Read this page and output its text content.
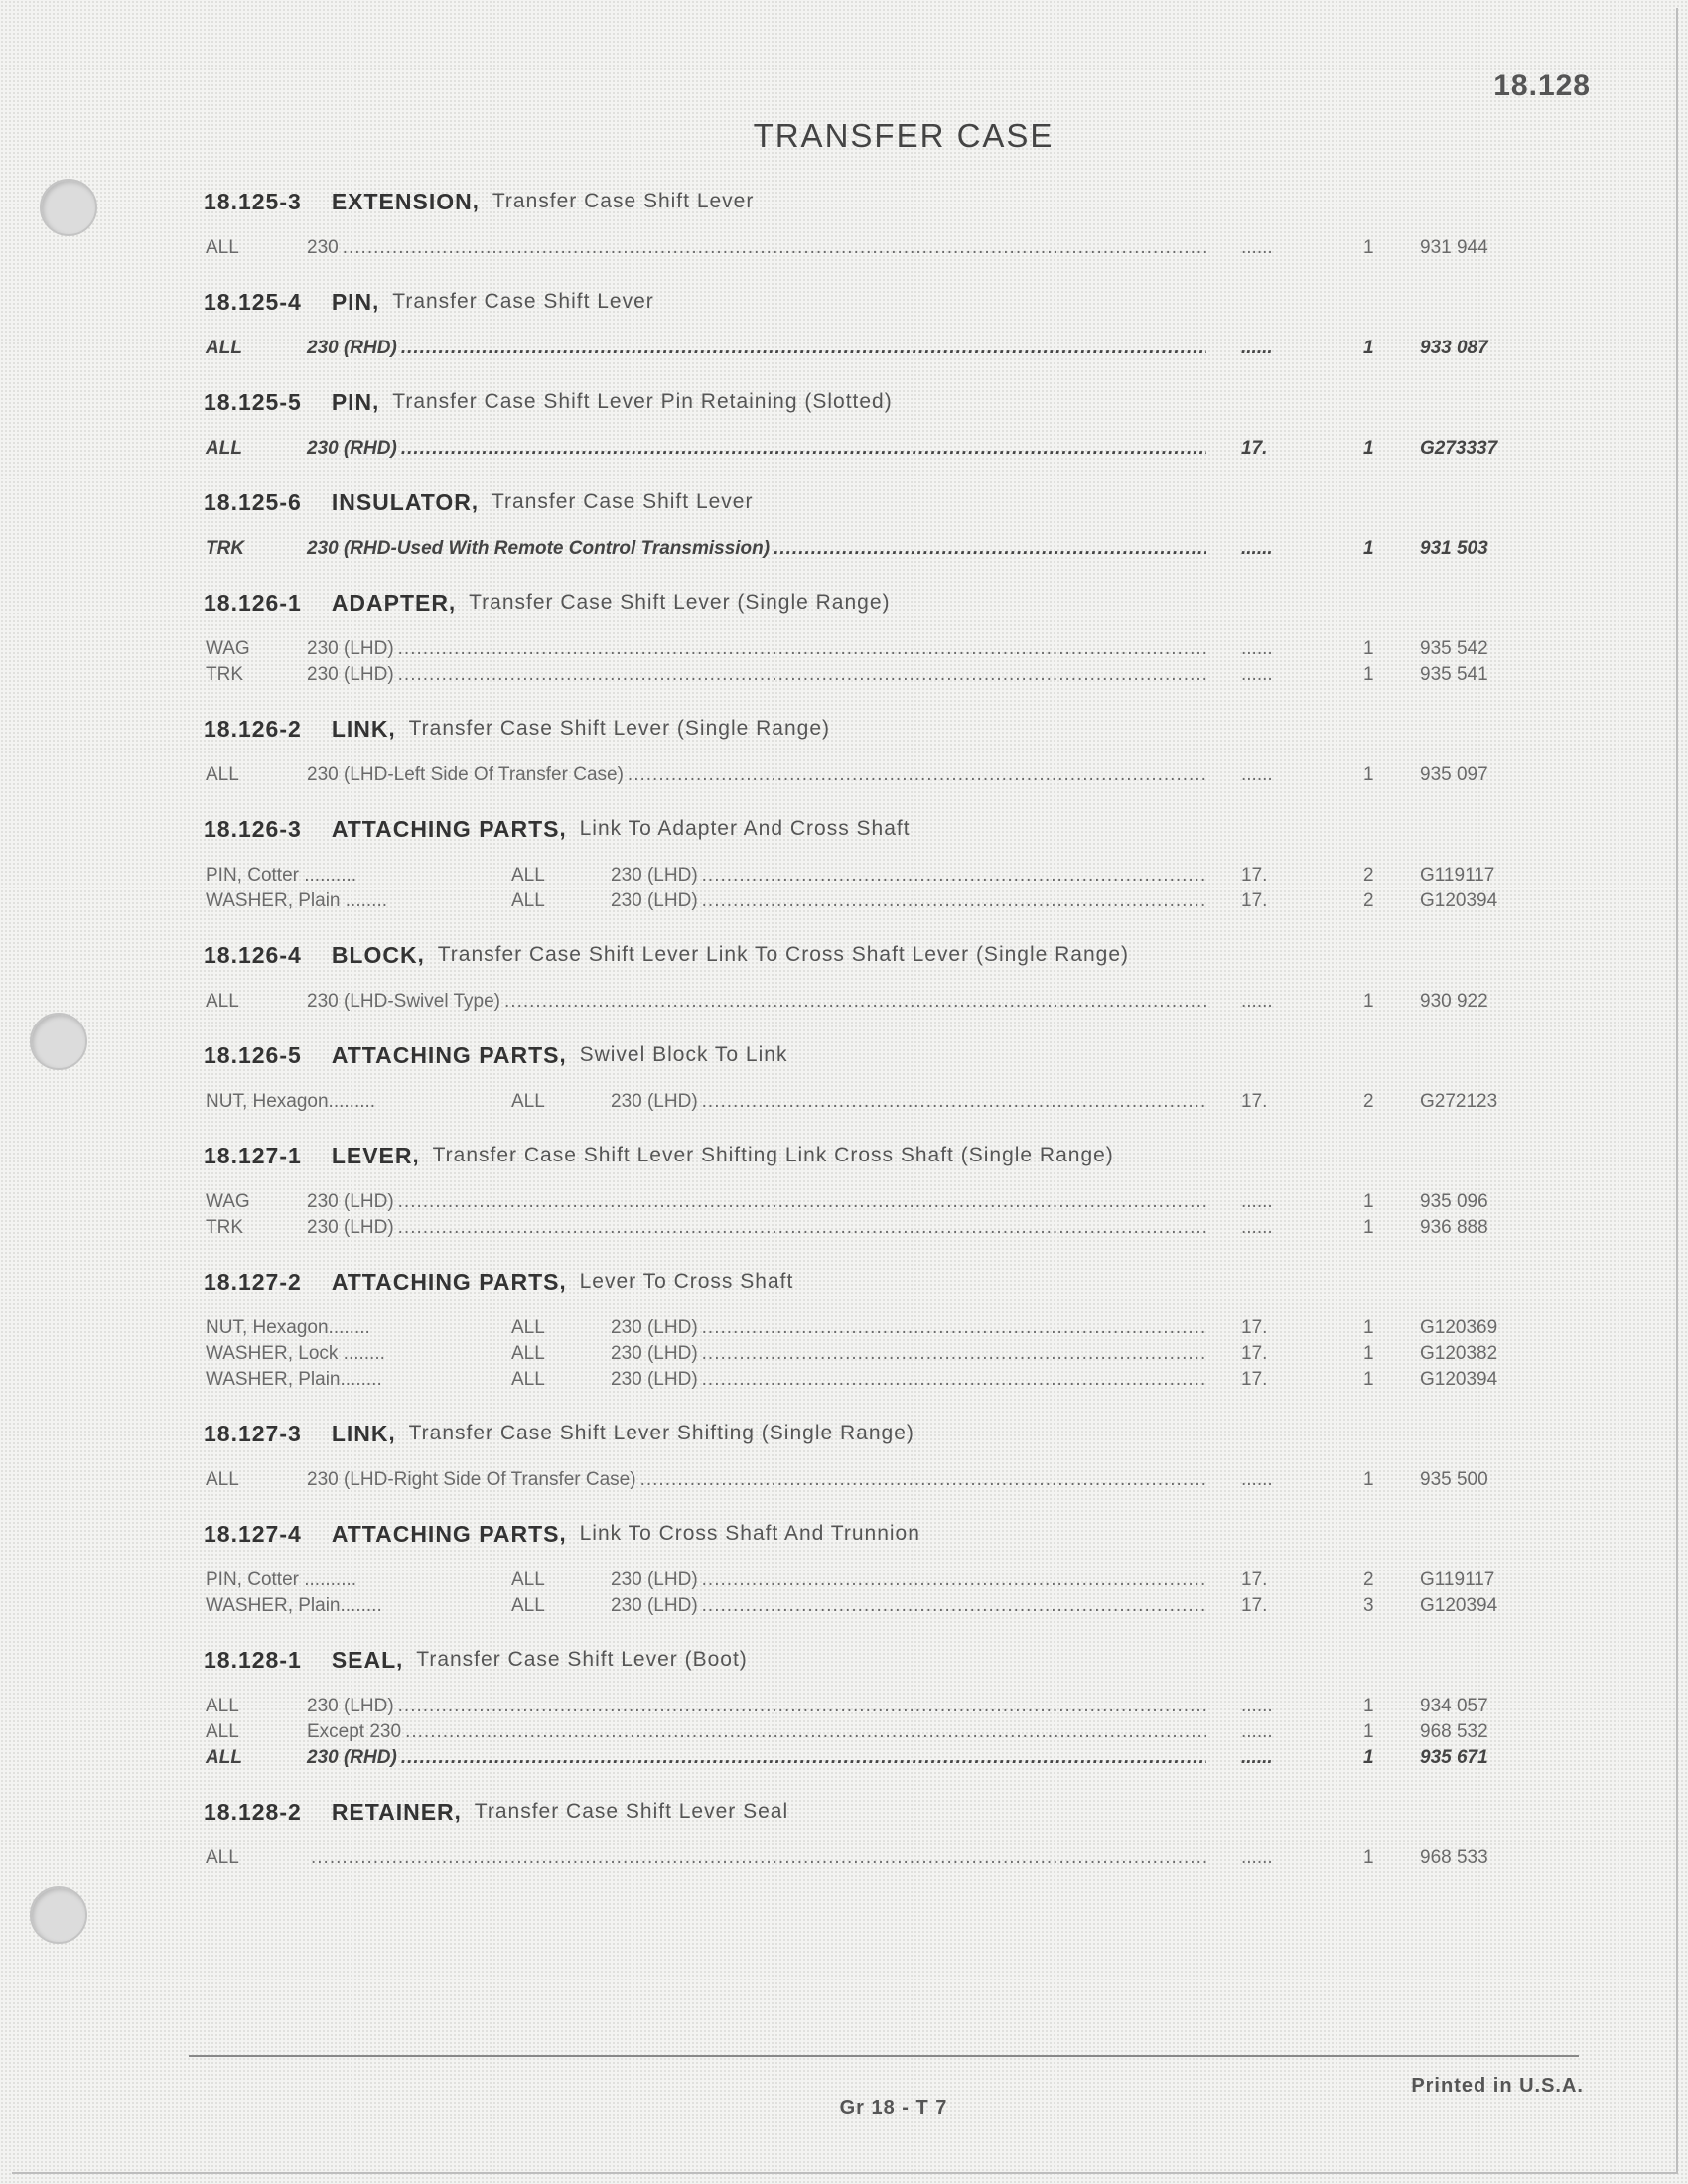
18.128
TRANSFER CASE
18.125-3 EXTENSION , Transfer Case Shift Lever
ALL	230 .....	......	1 931 944
18.125-4 PIN , Transfer Case Shift Lever
ALL	230 (RHD) .....	......	1 933 087
18.125-5 PIN , Transfer Case Shift Lever Pin Retaining (Slotted)
ALL	230 (RHD) .....	17.	1 G273337
18.125-6 INSULATOR , Transfer Case Shift Lever
TRK	230 (RHD-Used With Remote Control Transmission) .....	......	1 931 503
18.126-1 ADAPTER , Transfer Case Shift Lever (Single Range)
WAG	230 (LHD) .....	......	1 935 542
TRK	230 (LHD) .....	......	1 935 541
18.126-2 LINK , Transfer Case Shift Lever (Single Range)
ALL	230 (LHD-Left Side Of Transfer Case) .....	......	1 935 097
18.126-3 ATTACHING PARTS , Link To Adapter And Cross Shaft
PIN, Cotter ..........	ALL	230 (LHD) .....	17.	2 G119117
WASHER, Plain ........	ALL	230 (LHD) .....	17.	2 G120394
18.126-4 BLOCK , Transfer Case Shift Lever Link To Cross Shaft Lever (Single Range)
ALL	230 (LHD-Swivel Type) .....	......	1 930 922
18.126-5 ATTACHING PARTS , Swivel Block To Link
NUT, Hexagon.........	ALL	230 (LHD) .....	17.	2 G272123
18.127-1 LEVER , Transfer Case Shift Lever Shifting Link Cross Shaft (Single Range)
WAG	230 (LHD) .....	......	1 935 096
TRK	230 (LHD) .....	......	1 936 888
18.127-2 ATTACHING PARTS , Lever To Cross Shaft
NUT, Hexagon........	ALL	230 (LHD) .....	17.	1 G120369
WASHER, Lock ........	ALL	230 (LHD) .....	17.	1 G120382
WASHER, Plain........	ALL	230 (LHD) .....	17.	1 G120394
18.127-3 LINK , Transfer Case Shift Lever Shifting (Single Range)
ALL	230 (LHD-Right Side Of Transfer Case) .....	......	1 935 500
18.127-4 ATTACHING PARTS , Link To Cross Shaft And Trunnion
PIN, Cotter ..........	ALL	230 (LHD) .....	17.	2 G119117
WASHER, Plain........	ALL	230 (LHD) .....	17.	3 G120394
18.128-1 SEAL , Transfer Case Shift Lever (Boot)
ALL	230 (LHD) .....	......	1 934 057
ALL	Except 230 .....	......	1 968 532
ALL	230 (RHD) .....	......	1 935 671
18.128-2 RETAINER , Transfer Case Shift Lever Seal
ALL .....	......	1 968 533
Printed in U.S.A.
Gr 18 - T 7
